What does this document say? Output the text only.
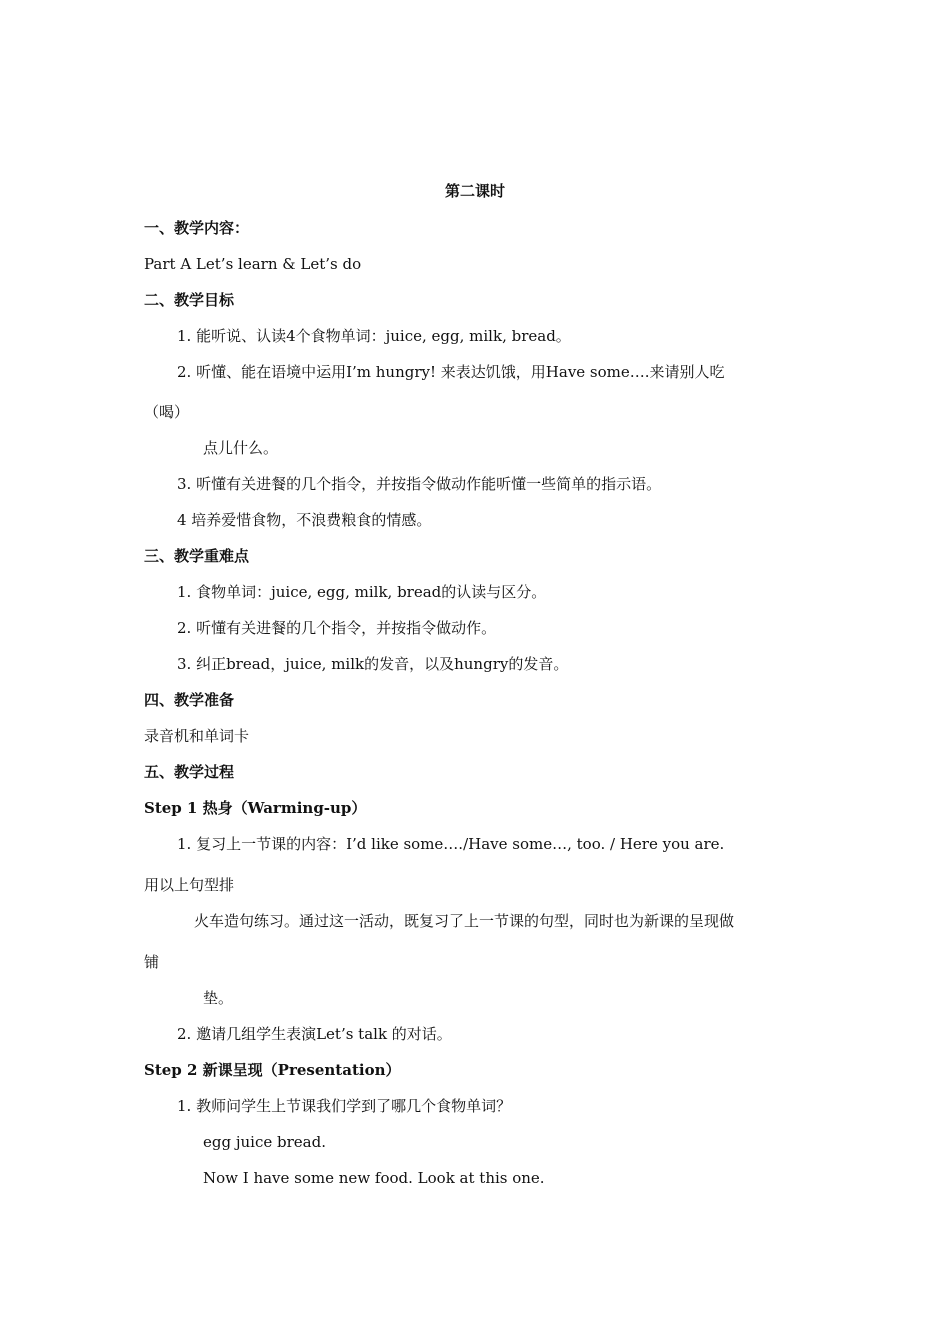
第二课时
一、教学内容：
Part A Let’s learn & Let’s do
二、教学目标
1. 能听说、认读4个食物单词：juice, egg, milk, bread。
2. 听懂、能在语境中运用I’m hungry! 来表达饥饿，用Have some….来请别人吃
（喝）
点儿什么。
3. 听懂有关进餐的几个指令，并按指令做动作能听懂一些简单的指示语。
4 培养爱惜食物，不浪费粮食的情感。
三、教学重难点
1. 食物单词：juice, egg, milk, bread的认读与区分。
2. 听懂有关进餐的几个指令，并按指令做动作。
3. 纠正bread，juice, milk的发音，以及hungry的发音。
四、教学准备
录音机和单词卡
五、教学过程
Step 1 热身（Warming-up）
1. 复习上一节课的内容：I’d like some…./Have some…, too. / Here you are.
用以上句型排
火车造句练习。通过这一活动，既复习了上一节课的句型，同时也为新课的呈现做
铺
垫。
2. 邀请几组学生表演Let’s talk 的对话。
Step 2 新课呈现（Presentation）
1. 教师问学生上节课我们学到了哪几个食物单词？
egg juice bread.
Now I have some new food. Look at this one.
